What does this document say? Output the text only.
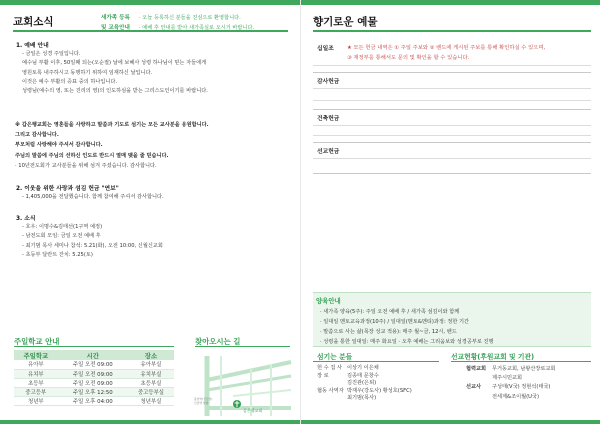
교회소식	새가족 등록	· 오늘 등록하신 분들을 진심으로 환영합니다.
및 교육안내	· 예배 후 안내를 받아 새가족실로 오시기 바랍니다.
1. 예배 안내
- 금일은 성경 주일입니다.
예수님 부활 이후, 50일째 되는(오순절) 날에 보혜사 성령 하나님이 믿는 자들에게
영원토록 내주하시고 동행하기 위하여 임재하신 날입니다.
이것은 예수 부활의 증표 중의 하나입니다.
성령님(예수의 영, 또는 진리의 영)의 인도하심을 받는 그리스도인이기를 바랍니다.
※ 갑은행교회는 영혼들을 사랑하고 말씀과 기도로 섬기는 모든 교사분을 응원합니다.
그리고 감사합니다.
부모처럼 사랑해야 주셔서 감사합니다.
주님의 말씀에 주님의 선하신 인도로 반드시 열매 맺을 줄 믿습니다.
· 10년전도회가 교사분들을 위해 섬겨 주셨습니다. 감사합니다.
2. 이웃을 위한 사랑과 섬김 헌금 "연보"
- 1,405,000을 전달했습니다. 함께 참여해 주셔서 감사합니다.
3. 소식
- 호우: 이명수&김태선(1구역 예정)
- 남전도회 모임: 금일 오전 예배 후
- 최기범 목사 세미나 참석: 5.21(화), 오전 10:00, 신월신교회
- 초등부 달란트 잔치: 5.25(토)
주일학교 안내
주일학교	시간	장소
유아부	주일 오전 09:00	유아부실
유치부	주일 오전 09:00	유치부실
초등부	주일 오전 09:00	초등부실
중고등부	주일 오후 12:50	중고등부실
청년부	주일 오후 04:00	청년부실
찾아오시는 길
갑은행교회
봉천역(신림선)
신림역 방향
향기로운 예물
십일조 ★ 모든 헌금 내역은 ① 주일 주보와 ② 밴드에 게시된 주보를 통해 확인하실 수 있으며,
③ 재정부를 통해서도 문의 및 확인을 할 수 있습니다.
감사헌금
건축헌금
선교헌금
양육안내
· 새가족 양육(5주): 주일 오전 예배 후 / 새가족 섬김이와 함께
· 일대일 멘토교육과정(10주) / 일대일(멘토&멘티)과정: 정한 기간
· 말씀으로 사는 삶(목장 성교 적용): 매주 월~금, 12시, 밴드
· 성령을 통한 일대일: 매주 화요일 · 오후 예배는 그리움보와 성경공부로 진행
섬기는 분들
헌 수 집 사 이상기 이은채
장 로	김종태 문창수
김진관(은퇴)
협동 사역자 박재우(강도사) 황성호(SFC)
최기범(목사)
선교현황(후원교회 및 기관)
협력교회	무거동교회, 남왕산장로교회
제주시민교회
선교사	구성태(V국) 정현석(태국)
전세계&조이월(U국)
